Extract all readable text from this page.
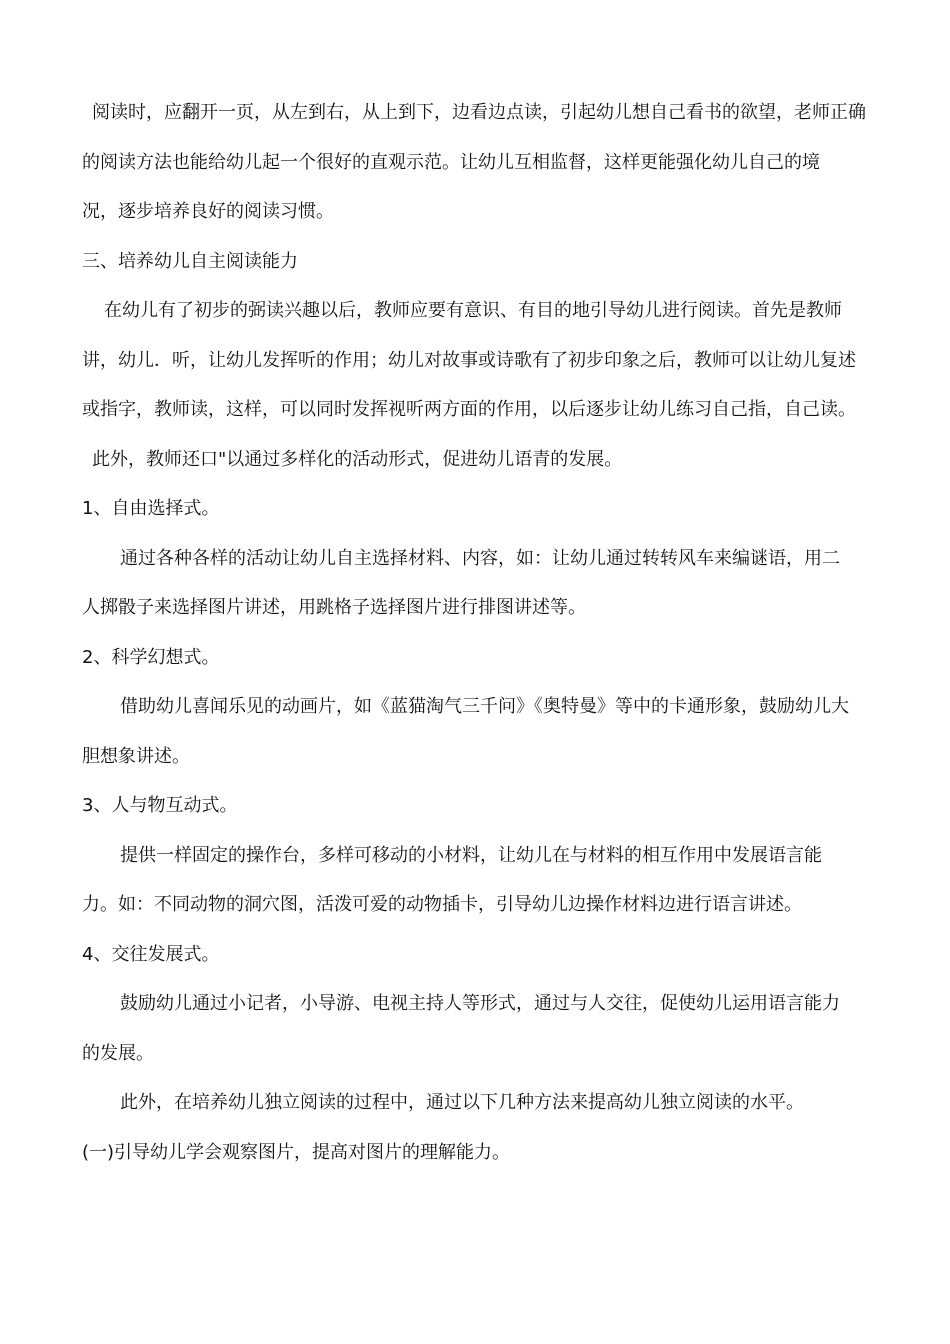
阅读时，应翻开一页，从左到右，从上到下，边看边点读，引起幼儿想自己看书的欲望，老师正确
的阅读方法也能给幼儿起一个很好的直观示范。让幼儿互相监督，这样更能强化幼儿自己的境
况，逐步培养良好的阅读习惯。
三、培养幼儿自主阅读能力
在幼儿有了初步的弼读兴趣以后，教师应要有意识、有目的地引导幼儿进行阅读。首先是教师
讲，幼儿．听，让幼儿发挥听的作用；幼儿对故事或诗歌有了初步印象之后，教师可以让幼儿复述
或指字，教师读，这样，可以同时发挥视听两方面的作用，以后逐步让幼儿练习自己指，自己读。
此外，教师还口"以通过多样化的活动形式，促进幼儿语青的发展。
1、自由选择式。
通过各种各样的活动让幼儿自主选择材料、内容，如：让幼儿通过转转风车来编谜语，用二
人掷骰子来选择图片讲述，用跳格子选择图片进行排图讲述等。
2、科学幻想式。
借助幼儿喜闻乐见的动画片，如《蓝猫淘气三千问》《奥特曼》等中的卡通形象，鼓励幼儿大
胆想象讲述。
3、人与物互动式。
提供一样固定的操作台，多样可移动的小材料，让幼儿在与材料的相互作用中发展语言能
力。如：不同动物的洞穴图，活泼可爱的动物插卡，引导幼儿边操作材料边进行语言讲述。
4、交往发展式。
鼓励幼儿通过小记者，小导游、电视主持人等形式，通过与人交往，促使幼儿运用语言能力
的发展。
此外，在培养幼儿独立阅读的过程中，通过以下几种方法来提高幼儿独立阅读的水平。
(一)引导幼儿学会观察图片，提高对图片的理解能力。
